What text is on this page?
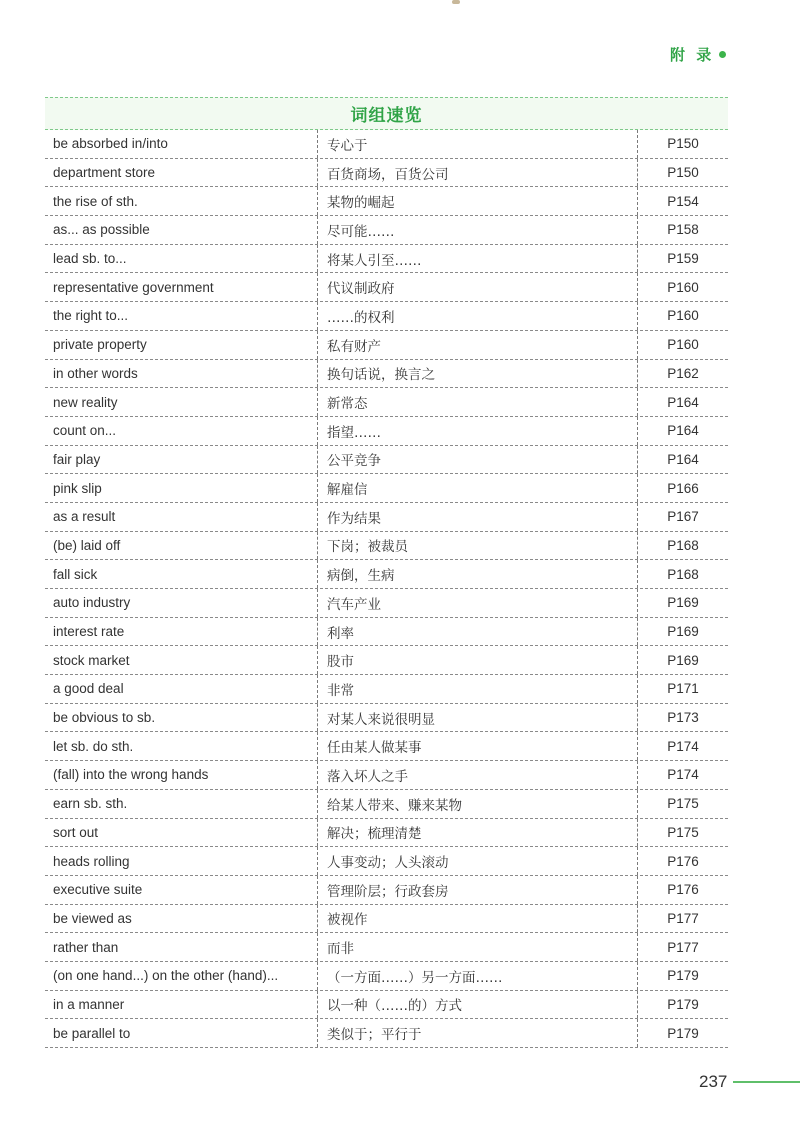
附 录
词组速览
be absorbed in/into	专心于	P150
department store	百货商场，百货公司	P150
the rise of sth.	某物的崛起	P154
as... as possible	尽可能……	P158
lead sb. to...	将某人引至……	P159
representative government	代议制政府	P160
the right to...	……的权利	P160
private property	私有财产	P160
in other words	换句话说，换言之	P162
new reality	新常态	P164
count on...	指望……	P164
fair play	公平竞争	P164
pink slip	解雇信	P166
as a result	作为结果	P167
(be) laid off	下岗；被裁员	P168
fall sick	病倒，生病	P168
auto industry	汽车产业	P169
interest rate	利率	P169
stock market	股市	P169
a good deal	非常	P171
be obvious to sb.	对某人来说很明显	P173
let sb. do sth.	任由某人做某事	P174
(fall) into the wrong hands	落入坏人之手	P174
earn sb. sth.	给某人带来、赚来某物	P175
sort out	解决；梳理清楚	P175
heads rolling	人事变动；人头滚动	P176
executive suite	管理阶层；行政套房	P176
be viewed as	被视作	P177
rather than	而非	P177
(on one hand...) on the other (hand)...	（一方面……）另一方面……	P179
in a manner	以一种（……的）方式	P179
be parallel to	类似于；平行于	P179
237
